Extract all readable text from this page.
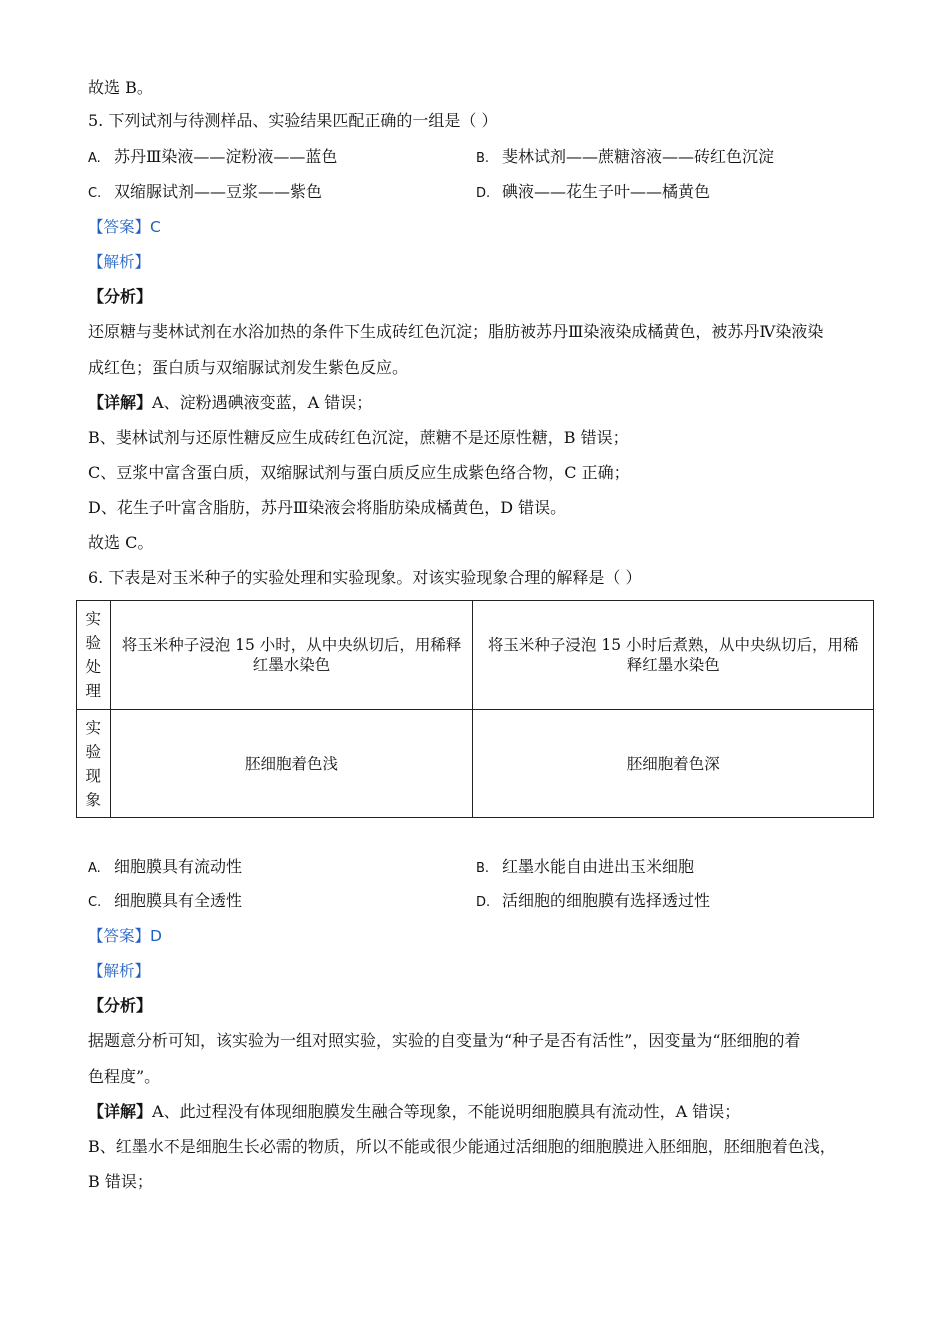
故选 B。
5. 下列试剂与待测样品、实验结果匹配正确的一组是（ ）
A. 苏丹Ⅲ染液——淀粉液——蓝色	B. 斐林试剂——蔗糖溶液——砖红色沉淀
C. 双缩脲试剂——豆浆——紫色	D. 碘液——花生子叶——橘黄色
【答案】C
【解析】
【分析】
还原糖与斐林试剂在水浴加热的条件下生成砖红色沉淀；脂肪被苏丹Ⅲ染液染成橘黄色，被苏丹Ⅳ染液染
成红色；蛋白质与双缩脲试剂发生紫色反应。
【详解】A、淀粉遇碘液变蓝，A 错误；
B、斐林试剂与还原性糖反应生成砖红色沉淀，蔗糖不是还原性糖，B 错误；
C、豆浆中富含蛋白质，双缩脲试剂与蛋白质反应生成紫色络合物，C 正确；
D、花生子叶富含脂肪，苏丹Ⅲ染液会将脂肪染成橘黄色，D 错误。
故选 C。
6. 下表是对玉米种子的实验处理和实验现象。对该实验现象合理的解释是（ ）
实
验
处
理	将玉米种子浸泡 15 小时，从中央纵切后，用稀释红墨水染色	将玉米种子浸泡 15 小时后煮熟，从中央纵切后，用稀释红墨水染色

实
验
现
象	胚细胞着色浅	胚细胞着色深
A. 细胞膜具有流动性	B. 红墨水能自由进出玉米细胞
C. 细胞膜具有全透性	D. 活细胞的细胞膜有选择透过性
【答案】D
【解析】
【分析】
据题意分析可知，该实验为一组对照实验，实验的自变量为“种子是否有活性”，因变量为“胚细胞的着
色程度”。
【详解】A、此过程没有体现细胞膜发生融合等现象，不能说明细胞膜具有流动性，A 错误；
B、红墨水不是细胞生长必需的物质，所以不能或很少能通过活细胞的细胞膜进入胚细胞，胚细胞着色浅，
B 错误；
